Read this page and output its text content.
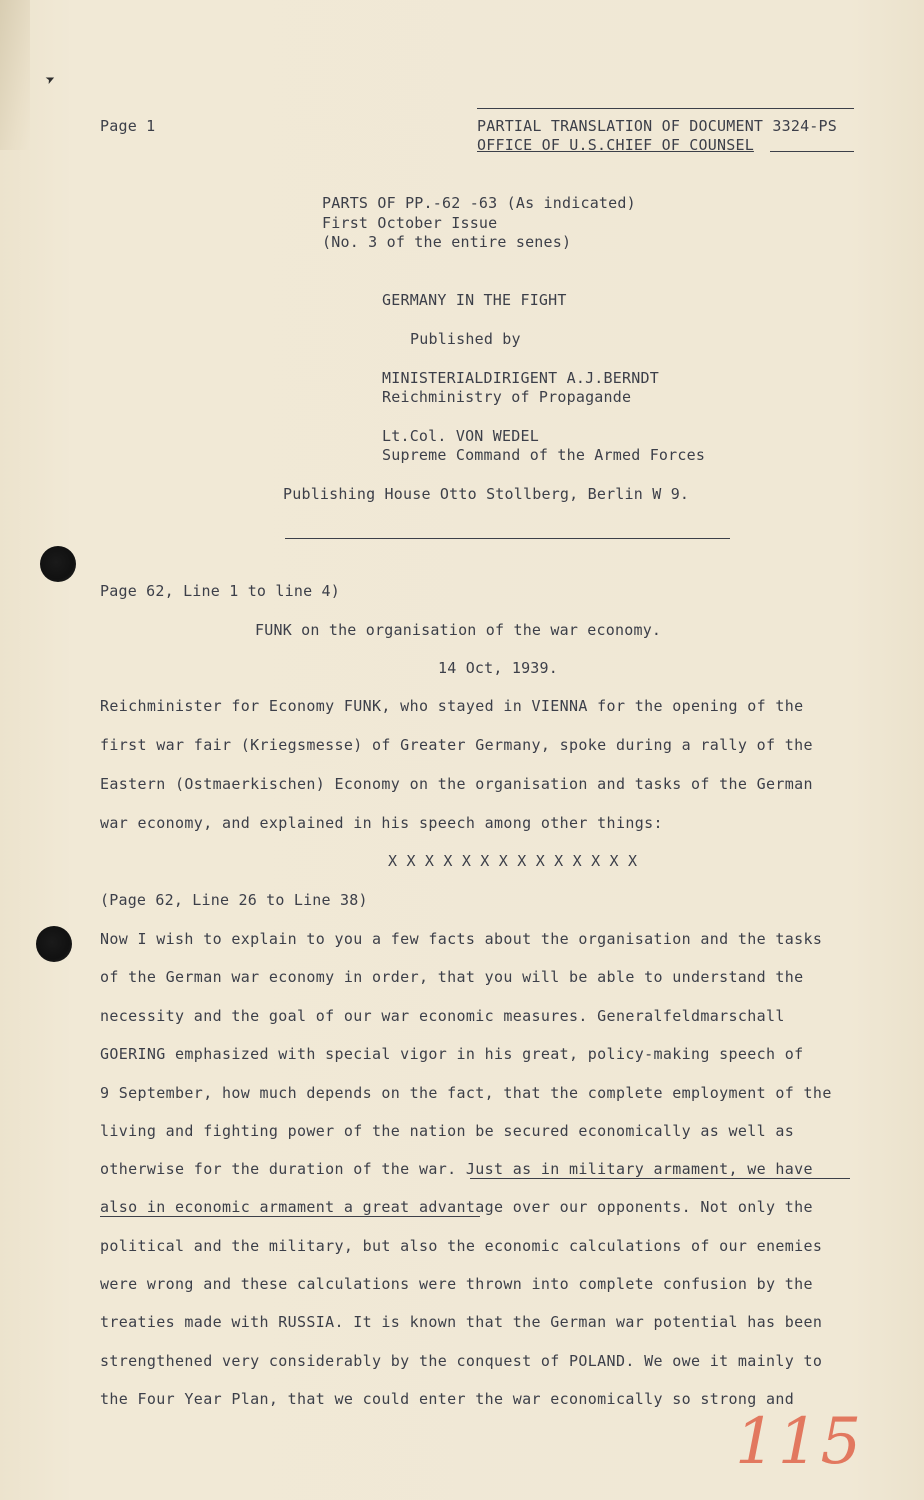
➤
Page 1	PARTIAL TRANSLATION OF DOCUMENT 3324-PS
OFFICE OF U.S.CHIEF OF COUNSEL
PARTS OF PP.-62 -63 (As indicated)
First October Issue
(No. 3 of the entire senes)
GERMANY IN THE FIGHT
Published by
MINISTERIALDIRIGENT A.J.BERNDT
Reichministry of Propagande
Lt.Col. VON WEDEL
Supreme Command of the Armed Forces
Publishing House Otto Stollberg, Berlin W 9.
Page 62, Line 1 to line 4)
FUNK on the organisation of the war economy.
14 Oct, 1939.
Reichminister for Economy FUNK, who stayed in VIENNA for the opening of the
first war fair (Kriegsmesse) of Greater Germany, spoke during a rally of the
Eastern (Ostmaerkischen) Economy on the organisation and tasks of the German
war economy, and explained in his speech among other things:
X X X X X X X X X X X X X X
(Page 62, Line 26 to Line 38)
Now I wish to explain to you a few facts about the organisation and the tasks
of the German war economy in order, that you will be able to understand the
necessity and the goal of our war economic measures. Generalfeldmarschall
GOERING emphasized with special vigor in his great, policy-making speech of
9 September, how much depends on the fact, that the complete employment of the
living and fighting power of the nation be secured economically as well as
otherwise for the duration of the war. Just as in military armament, we have
also in economic armament a great advantage over our opponents. Not only the
political and the military, but also the economic calculations of our enemies
were wrong and these calculations were thrown into complete confusion by the
treaties made with RUSSIA. It is known that the German war potential has been
strengthened very considerably by the conquest of POLAND. We owe it mainly to
the Four Year Plan, that we could enter the war economically so strong and
115
